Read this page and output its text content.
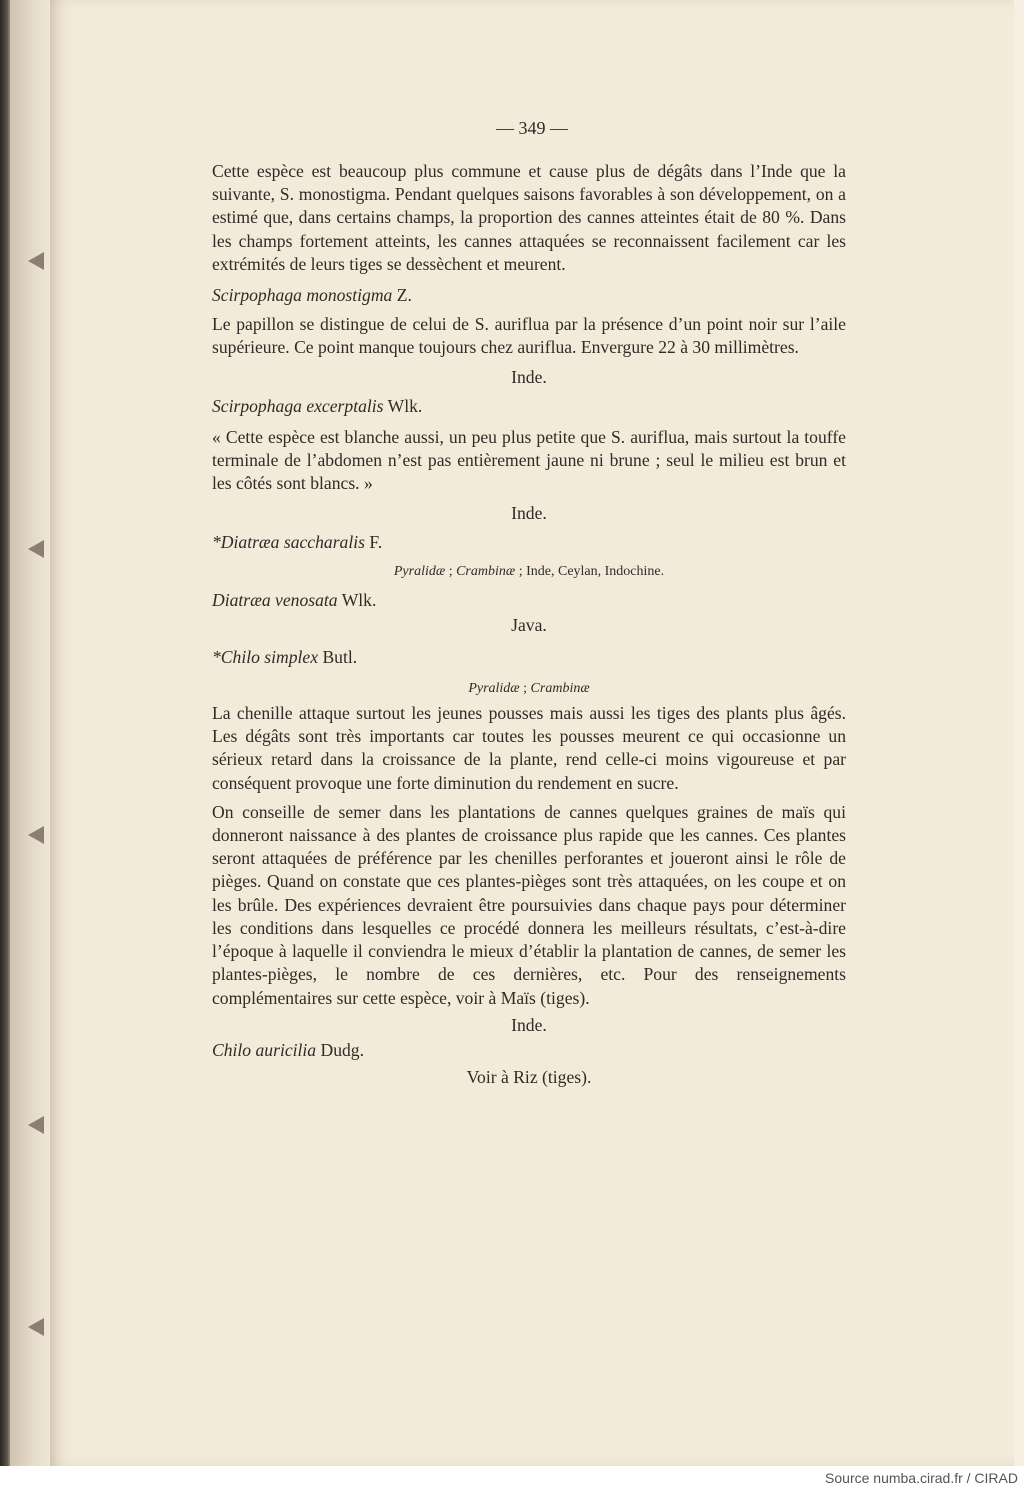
— 349 —

Cette espèce est beaucoup plus commune et cause plus de dégâts dans l’Inde que la suivante, S. monostigma. Pendant quelques saisons favorables à son développement, on a estimé que, dans certains champs, la proportion des cannes atteintes était de 80 %. Dans les champs fortement atteints, les cannes attaquées se reconnaissent facilement car les extrémités de leurs tiges se dessèchent et meurent.

Scirpophaga monostigma Z.

Le papillon se distingue de celui de S. auriflua par la présence d’un point noir sur l’aile supérieure. Ce point manque toujours chez auriflua. Envergure 22 à 30 millimètres.

Inde.

Scirpophaga excerptalis Wlk.

« Cette espèce est blanche aussi, un peu plus petite que S. auriflua, mais surtout la touffe terminale de l’abdomen n’est pas entièrement jaune ni brune ; seul le milieu est brun et les côtés sont blancs. »

Inde.

*Diatræa saccharalis F.

Pyralidæ ; Crambinæ ; Inde, Ceylan, Indochine.

Diatræa venosata Wlk.

Java.

*Chilo simplex Butl.

Pyralidæ ; Crambinæ

La chenille attaque surtout les jeunes pousses mais aussi les tiges des plants plus âgés. Les dégâts sont très importants car toutes les pousses meurent ce qui occasionne un sérieux retard dans la croissance de la plante, rend celle-ci moins vigoureuse et par conséquent provoque une forte diminution du rendement en sucre.

On conseille de semer dans les plantations de cannes quelques graines de maïs qui donneront naissance à des plantes de croissance plus rapide que les cannes. Ces plantes seront attaquées de préférence par les chenilles perforantes et joueront ainsi le rôle de pièges. Quand on constate que ces plantes-pièges sont très attaquées, on les coupe et on les brûle. Des expériences devraient être poursuivies dans chaque pays pour déterminer les conditions dans lesquelles ce procédé donnera les meilleurs résultats, c’est-à-dire l’époque à laquelle il conviendra le mieux d’établir la plantation de cannes, de semer les plantes-pièges, le nombre de ces dernières, etc. Pour des renseignements complémentaires sur cette espèce, voir à Maïs (tiges).

Inde.

Chilo auricilia Dudg.

Voir à Riz (tiges).

Source numba.cirad.fr / CIRAD
